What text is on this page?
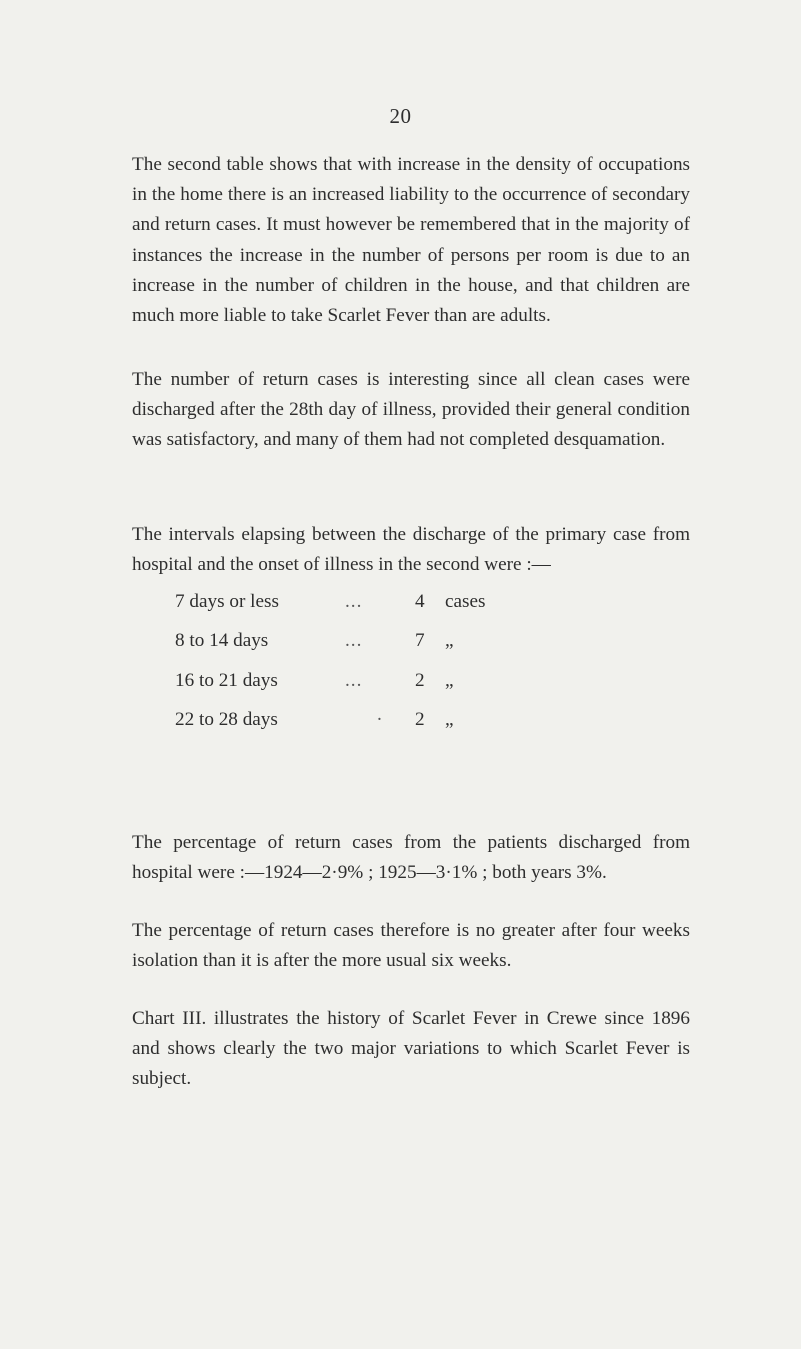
20

The second table shows that with increase in the density of occupations in the home there is an increased liability to the occurrence of secondary and return cases. It must however be remembered that in the majority of instances the increase in the number of persons per room is due to an increase in the number of children in the house, and that children are much more liable to take Scarlet Fever than are adults.

The number of return cases is interesting since all clean cases were discharged after the 28th day of illness, provided their general condition was satisfactory, and many of them had not completed desquamation.

The intervals elapsing between the discharge of the primary case from hospital and the onset of illness in the second were :—

7 days or less	...	4	cases
8 to 14 days	...	7	„
16 to 21 days	...	2	„
22 to 28 days	·	2	„

The percentage of return cases from the patients discharged from hospital were :—1924—2·9% ; 1925—3·1% ; both years 3%.

The percentage of return cases therefore is no greater after four weeks isolation than it is after the more usual six weeks.

Chart III. illustrates the history of Scarlet Fever in Crewe since 1896 and shows clearly the two major variations to which Scarlet Fever is subject.
